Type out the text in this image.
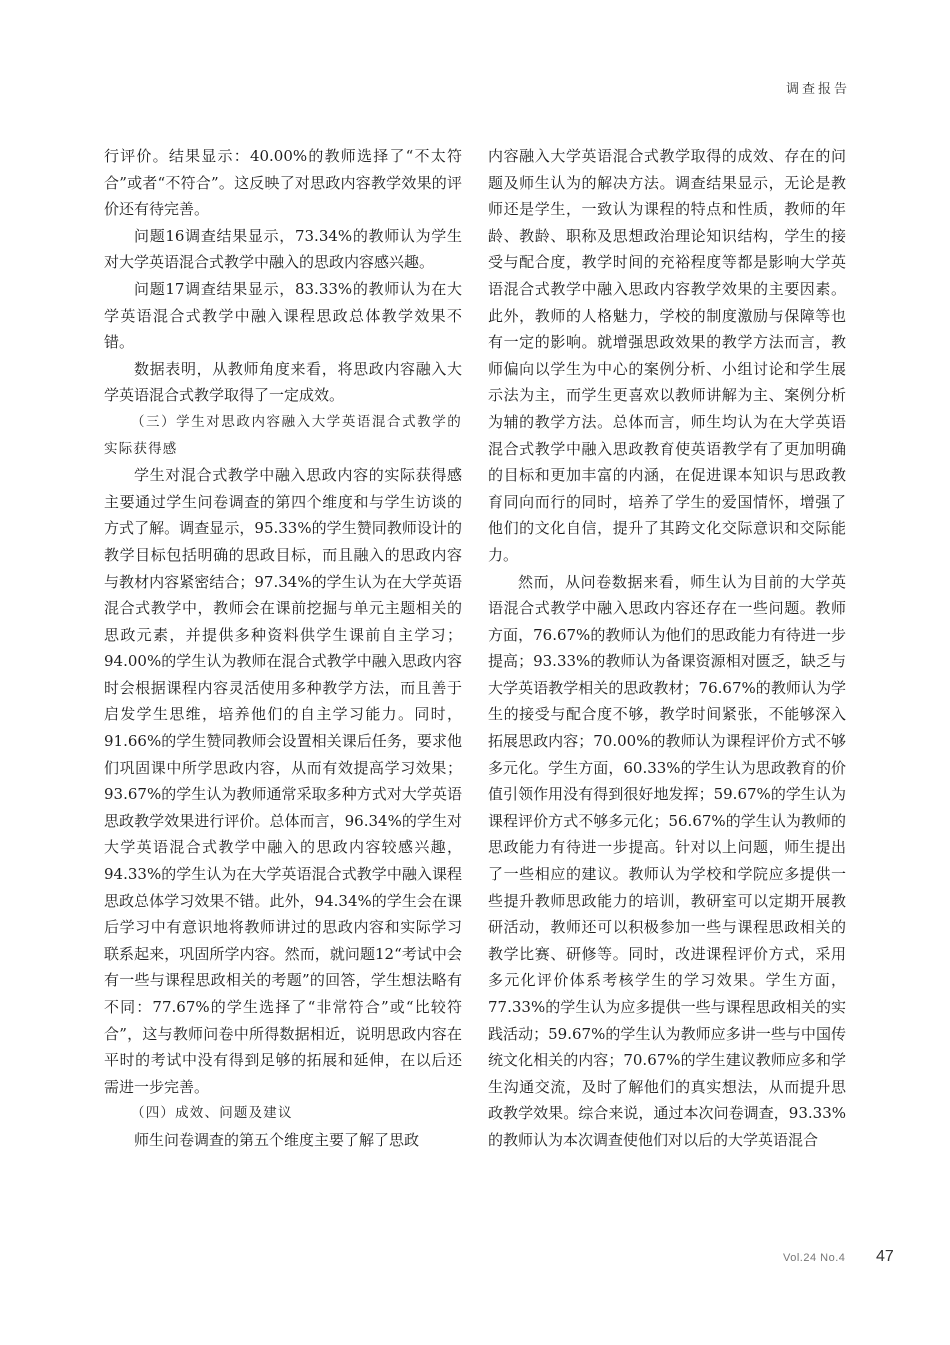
调查报告

行评价。结果显示：40.00%的教师选择了“不太符合”或者“不符合”。这反映了对思政内容教学效果的评价还有待完善。

问题16调查结果显示，73.34%的教师认为学生对大学英语混合式教学中融入的思政内容感兴趣。

问题17调查结果显示，83.33%的教师认为在大学英语混合式教学中融入课程思政总体教学效果不错。

数据表明，从教师角度来看，将思政内容融入大学英语混合式教学取得了一定成效。

（三）学生对思政内容融入大学英语混合式教学的实际获得感

学生对混合式教学中融入思政内容的实际获得感主要通过学生问卷调查的第四个维度和与学生访谈的方式了解。调查显示，95.33%的学生赞同教师设计的教学目标包括明确的思政目标，而且融入的思政内容与教材内容紧密结合；97.34%的学生认为在大学英语混合式教学中，教师会在课前挖掘与单元主题相关的思政元素，并提供多种资料供学生课前自主学习；94.00%的学生认为教师在混合式教学中融入思政内容时会根据课程内容灵活使用多种教学方法，而且善于启发学生思维，培养他们的自主学习能力。同时，91.66%的学生赞同教师会设置相关课后任务，要求他们巩固课中所学思政内容，从而有效提高学习效果；93.67%的学生认为教师通常采取多种方式对大学英语思政教学效果进行评价。总体而言，96.34%的学生对大学英语混合式教学中融入的思政内容较感兴趣，94.33%的学生认为在大学英语混合式教学中融入课程思政总体学习效果不错。此外，94.34%的学生会在课后学习中有意识地将教师讲过的思政内容和实际学习联系起来，巩固所学内容。然而，就问题12“考试中会有一些与课程思政相关的考题”的回答，学生想法略有不同：77.67%的学生选择了“非常符合”或“比较符合”，这与教师问卷中所得数据相近，说明思政内容在平时的考试中没有得到足够的拓展和延伸，在以后还需进一步完善。

（四）成效、问题及建议

师生问卷调查的第五个维度主要了解了思政

内容融入大学英语混合式教学取得的成效、存在的问题及师生认为的解决方法。调查结果显示，无论是教师还是学生，一致认为课程的特点和性质，教师的年龄、教龄、职称及思想政治理论知识结构，学生的接受与配合度，教学时间的充裕程度等都是影响大学英语混合式教学中融入思政内容教学效果的主要因素。此外，教师的人格魅力，学校的制度激励与保障等也有一定的影响。就增强思政效果的教学方法而言，教师偏向以学生为中心的案例分析、小组讨论和学生展示法为主，而学生更喜欢以教师讲解为主、案例分析为辅的教学方法。总体而言，师生均认为在大学英语混合式教学中融入思政教育使英语教学有了更加明确的目标和更加丰富的内涵，在促进课本知识与思政教育同向而行的同时，培养了学生的爱国情怀，增强了他们的文化自信，提升了其跨文化交际意识和交际能力。

然而，从问卷数据来看，师生认为目前的大学英语混合式教学中融入思政内容还存在一些问题。教师方面，76.67%的教师认为他们的思政能力有待进一步提高；93.33%的教师认为备课资源相对匮乏，缺乏与大学英语教学相关的思政教材；76.67%的教师认为学生的接受与配合度不够，教学时间紧张，不能够深入拓展思政内容；70.00%的教师认为课程评价方式不够多元化。学生方面，60.33%的学生认为思政教育的价值引领作用没有得到很好地发挥；59.67%的学生认为课程评价方式不够多元化；56.67%的学生认为教师的思政能力有待进一步提高。针对以上问题，师生提出了一些相应的建议。教师认为学校和学院应多提供一些提升教师思政能力的培训，教研室可以定期开展教研活动，教师还可以积极参加一些与课程思政相关的教学比赛、研修等。同时，改进课程评价方式，采用多元化评价体系考核学生的学习效果。学生方面，77.33%的学生认为应多提供一些与课程思政相关的实践活动；59.67%的学生认为教师应多讲一些与中国传统文化相关的内容；70.67%的学生建议教师应多和学生沟通交流，及时了解他们的真实想法，从而提升思政教学效果。综合来说，通过本次问卷调查，93.33%的教师认为本次调查使他们对以后的大学英语混合

Vol.24 No.4 47
